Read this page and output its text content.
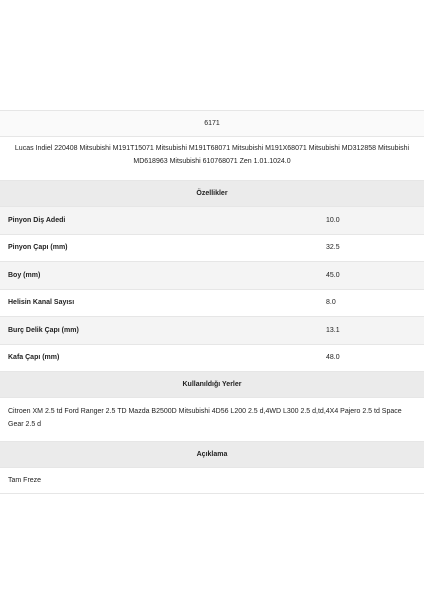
6171
Lucas Indiel 220408 Mitsubishi M191T15071 Mitsubishi M191T68071 Mitsubishi M191X68071 Mitsubishi MD312858 Mitsubishi MD618963 Mitsubishi 610768071 Zen 1.01.1024.0
Özellikler
Pinyon Diş Adedi	10.0
Pinyon Çapı (mm)	32.5
Boy (mm)	45.0
Helisin Kanal Sayısı	8.0
Burç Delik Çapı (mm)	13.1
Kafa Çapı (mm)	48.0
Kullanıldığı Yerler
Citroen XM 2.5 td Ford Ranger 2.5 TD Mazda B2500D Mitsubishi 4D56 L200 2.5 d,4WD L300 2.5 d,td,4X4 Pajero 2.5 td Space Gear 2.5 d
Açıklama
Tam Freze
